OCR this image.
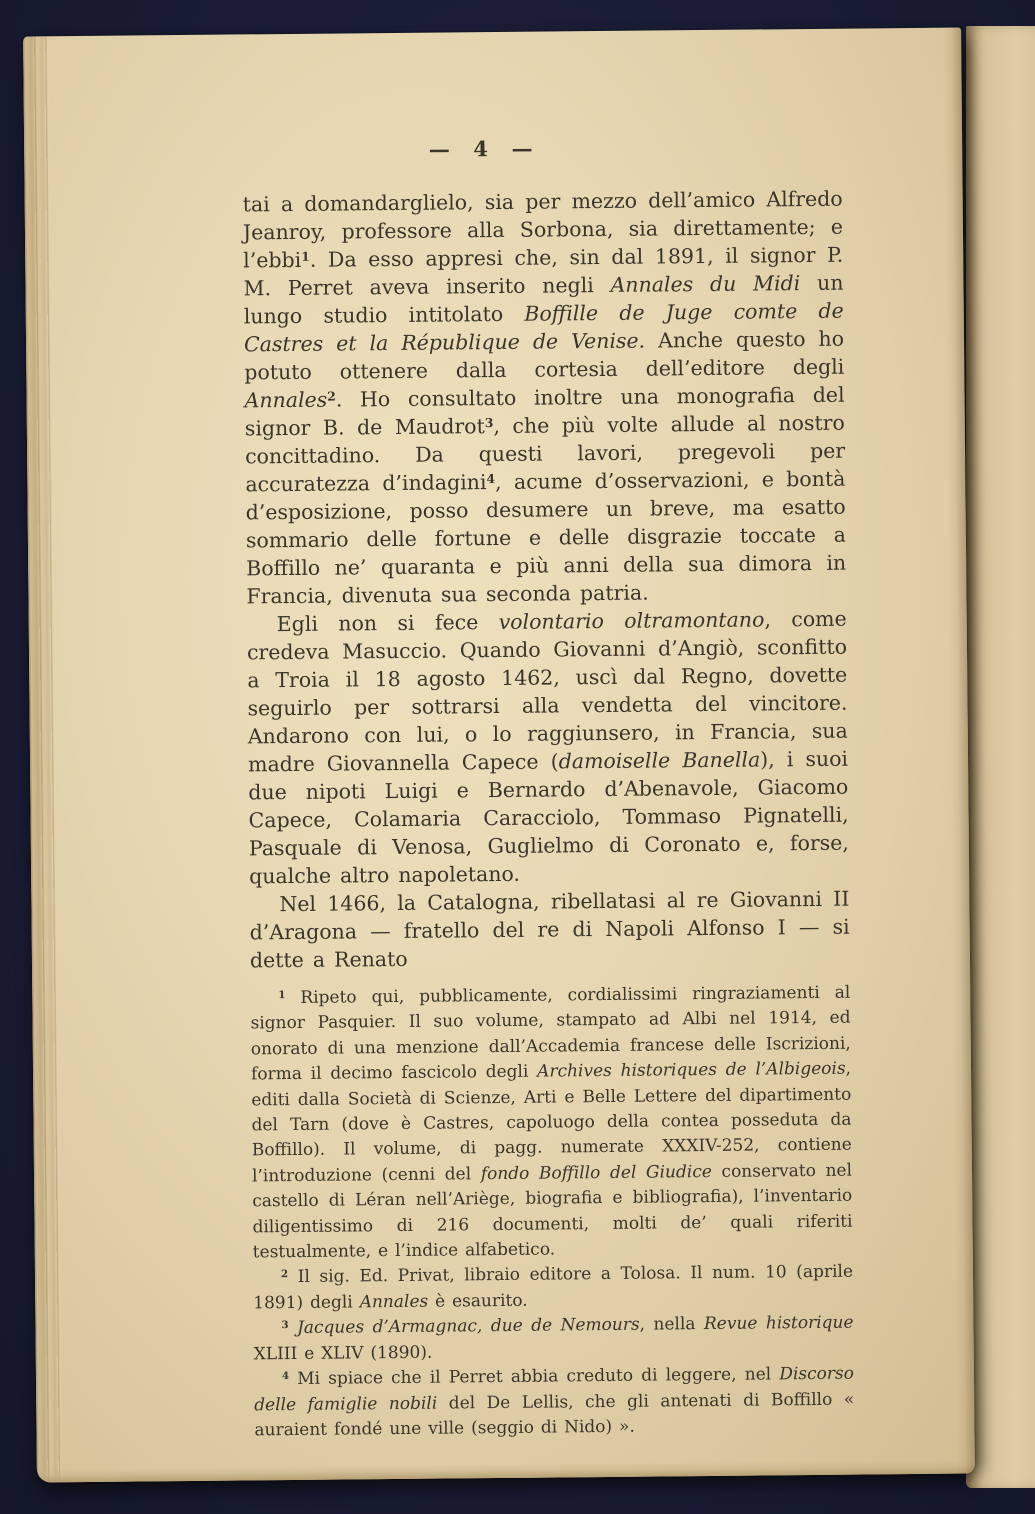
—  4  —

tai a domandarglielo, sia per mezzo dell’amico Alfredo Jeanroy, professore alla Sorbona, sia direttamente; e l’ebbi$^1$. Da esso appresi che, sin dal 1891, il signor P. M. Perret aveva inserito negli Annales du Midi un lungo studio intitolato Boffille de Juge comte de Castres et la République de Venise. Anche questo ho potuto ottenere dalla cortesia dell’editore degli Annales$^2$. Ho consultato inoltre una monografia del signor B. de Maudrot$^3$, che più volte allude al nostro concittadino. Da questi lavori, pregevoli per accuratezza d’indagini$^4$, acume d’osservazioni, e bontà d’esposizione, posso desumere un breve, ma esatto sommario delle fortune e delle disgrazie toccate a Boffillo ne’ quaranta e più anni della sua dimora in Francia, divenuta sua seconda patria.

Egli non si fece volontario oltramontano, come credeva Masuccio. Quando Giovanni d’Angiò, sconfitto a Troia il 18 agosto 1462, uscì dal Regno, dovette seguirlo per sottrarsi alla vendetta del vincitore. Andarono con lui, o lo raggiunsero, in Francia, sua madre Giovannella Capece (damoiselle Banella), i suoi due nipoti Luigi e Bernardo d’Abenavole, Giacomo Capece, Colamaria Caracciolo, Tommaso Pignatelli, Pasquale di Venosa, Guglielmo di Coronato e, forse, qualche altro napoletano.

Nel 1466, la Catalogna, ribellatasi al re Giovanni II d’Aragona — fratello del re di Napoli Alfonso I — si dette a Renato

$^1$ Ripeto qui, pubblicamente, cordialissimi ringraziamenti al signor Pasquier. Il suo volume, stampato ad Albi nel 1914, ed onorato di una menzione dall’Accademia francese delle Iscrizioni, forma il decimo fascicolo degli Archives historiques de l’Albigeois, editi dalla Società di Scienze, Arti e Belle Lettere del dipartimento del Tarn (dove è Castres, capoluogo della contea posseduta da Boffillo). Il volume, di pagg. numerate XXXIV-252, contiene l’introduzione (cenni del fondo Boffillo del Giudice conservato nel castello di Léran nell’Ariège, biografia e bibliografia), l’inventario diligentissimo di 216 documenti, molti de’ quali riferiti testualmente, e l’indice alfabetico.

$^2$ Il sig. Ed. Privat, libraio editore a Tolosa. Il num. 10 (aprile 1891) degli Annales è esaurito.

$^3$ Jacques d’Armagnac, due de Nemours, nella Revue historique XLIII e XLIV (1890).

$^4$ Mi spiace che il Perret abbia creduto di leggere, nel Discorso delle famiglie nobili del De Lellis, che gli antenati di Boffillo « auraient fondé une ville (seggio di Nido) ».
